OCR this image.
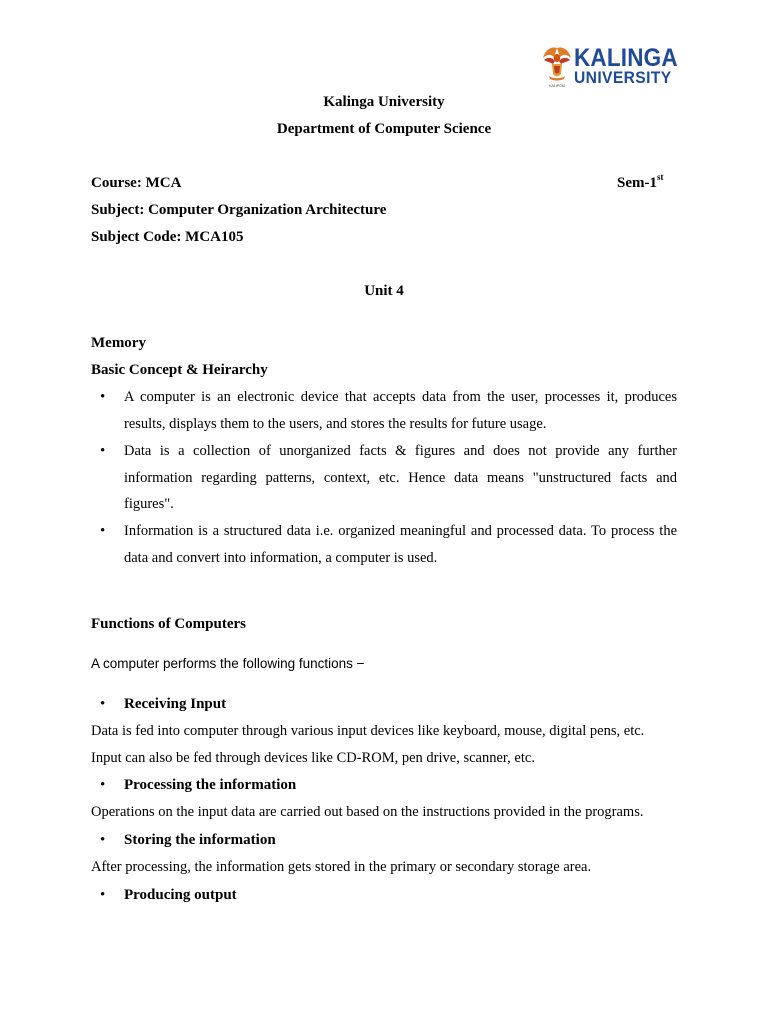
KALIPOM
KALINGA
UNIVERSITY
Kalinga University
Department of Computer Science
Course: MCA	Sem-1st
Subject: Computer Organization Architecture
Subject Code: MCA105
Unit 4
Memory
Basic Concept & Heirarchy
• A computer is an electronic device that accepts data from the user, processes it, produces results, displays them to the users, and stores the results for future usage.
• Data is a collection of unorganized facts & figures and does not provide any further information regarding patterns, context, etc. Hence data means "unstructured facts and figures".
• Information is a structured data i.e. organized meaningful and processed data. To process the data and convert into information, a computer is used.
Functions of Computers
A computer performs the following functions −
• Receiving Input
Data is fed into computer through various input devices like keyboard, mouse, digital pens, etc.
Input can also be fed through devices like CD-ROM, pen drive, scanner, etc.
• Processing the information
Operations on the input data are carried out based on the instructions provided in the programs.
• Storing the information
After processing, the information gets stored in the primary or secondary storage area.
• Producing output
